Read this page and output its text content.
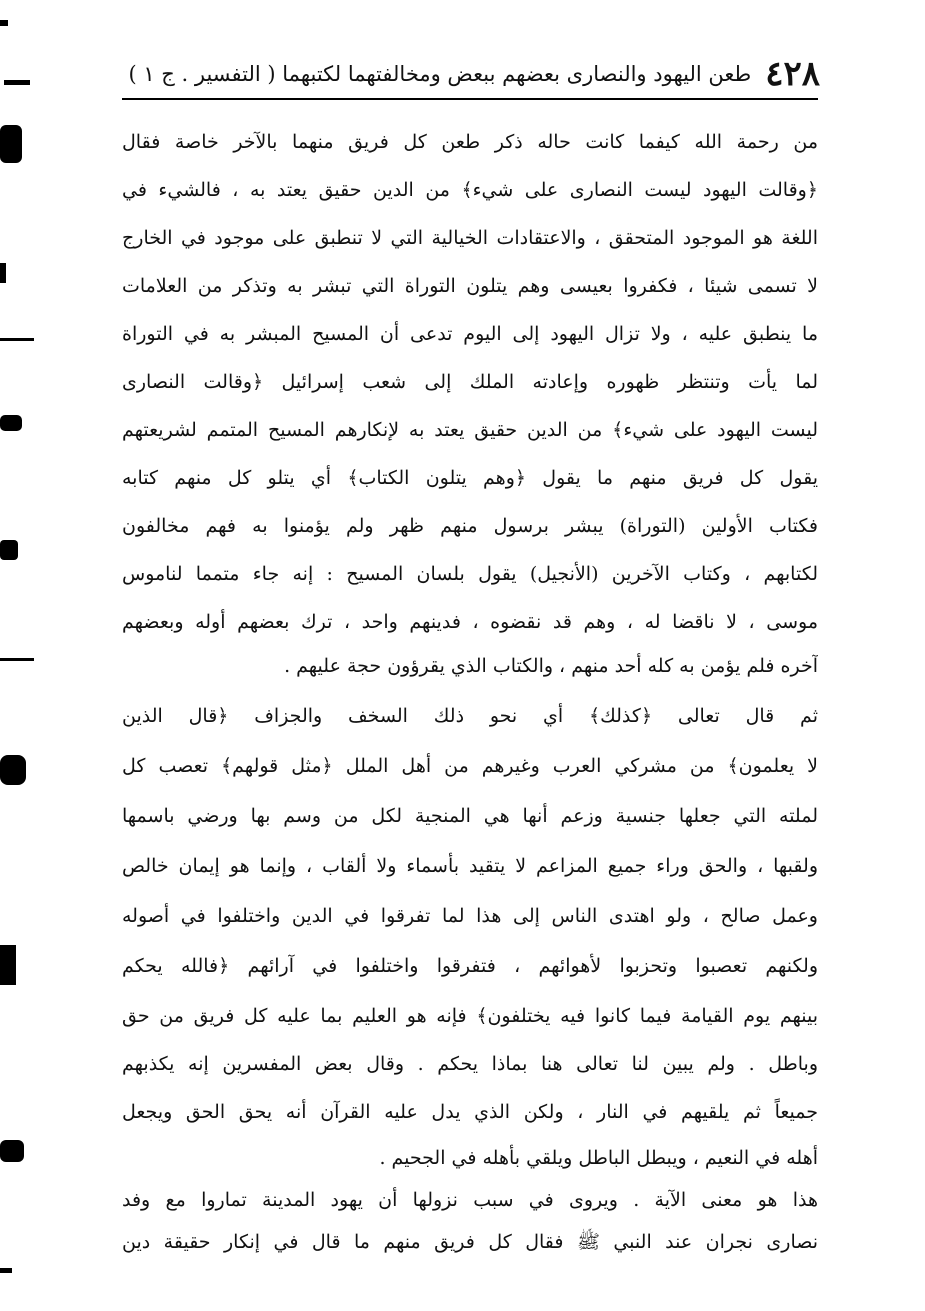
٤٢٨
طعن اليهود والنصارى بعضهم ببعض ومخالفتهما لكتبهما ( التفسير . ج ١ )
من رحمة الله كيفما كانت حاله ذكر طعن كل فريق منهما بالآخر خاصة فقال
﴿وقالت اليهود ليست النصارى على شيء﴾ من الدين حقيق يعتد به ، فالشيء في
اللغة هو الموجود المتحقق ، والاعتقادات الخيالية التي لا تنطبق على موجود في الخارج
لا تسمى شيئا ، فكفروا بعيسى وهم يتلون التوراة التي تبشر به وتذكر من العلامات
ما ينطبق عليه ، ولا تزال اليهود إلى اليوم تدعى أن المسيح المبشر به في التوراة
لما يأت وتنتظر ظهوره وإعادته الملك إلى شعب إسرائيل ﴿وقالت النصارى
ليست اليهود على شيء﴾ من الدين حقيق يعتد به لإنكارهم المسيح المتمم لشريعتهم
يقول كل فريق منهم ما يقول ﴿وهم يتلون الكتاب﴾ أي يتلو كل منهم كتابه
فكتاب الأولين (التوراة) يبشر برسول منهم ظهر ولم يؤمنوا به فهم مخالفون
لكتابهم ، وكتاب الآخرين (الأنجيل) يقول بلسان المسيح : إنه جاء متمما لناموس
موسى ، لا ناقضا له ، وهم قد نقضوه ، فدينهم واحد ، ترك بعضهم أوله وبعضهم
آخره فلم يؤمن به كله أحد منهم ، والكتاب الذي يقرؤون حجة عليهم .
ثم قال تعالى ﴿كذلك﴾ أي نحو ذلك السخف والجزاف ﴿قال الذين
لا يعلمون﴾ من مشركي العرب وغيرهم من أهل الملل ﴿مثل قولهم﴾ تعصب كل
لملته التي جعلها جنسية وزعم أنها هي المنجية لكل من وسم بها ورضي باسمها
ولقبها ، والحق وراء جميع المزاعم لا يتقيد بأسماء ولا ألقاب ، وإنما هو إيمان خالص
وعمل صالح ، ولو اهتدى الناس إلى هذا لما تفرقوا في الدين واختلفوا في أصوله
ولكنهم تعصبوا وتحزبوا لأهوائهم ، فتفرقوا واختلفوا في آرائهم ﴿فالله يحكم
بينهم يوم القيامة فيما كانوا فيه يختلفون﴾ فإنه هو العليم بما عليه كل فريق من حق
وباطل . ولم يبين لنا تعالى هنا بماذا يحكم . وقال بعض المفسرين إنه يكذبهم
جميعاً ثم يلقيهم في النار ، ولكن الذي يدل عليه القرآن أنه يحق الحق ويجعل
أهله في النعيم ، ويبطل الباطل ويلقي بأهله في الجحيم .
هذا هو معنى الآية . ويروى في سبب نزولها أن يهود المدينة تماروا مع وفد
نصارى نجران عند النبي ﷺ فقال كل فريق منهم ما قال في إنكار حقيقة دين
